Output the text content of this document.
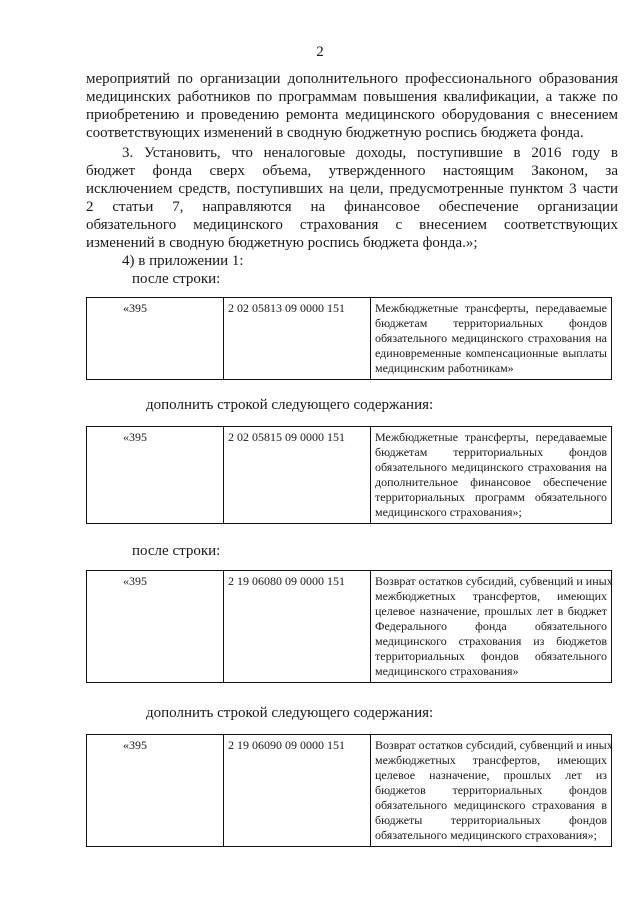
2
мероприятий по организации дополнительного профессионального образования
медицинских работников по программам повышения квалификации, а также по
приобретению и проведению ремонта медицинского оборудования с внесением
соответствующих изменений в сводную бюджетную роспись бюджета фонда.
3. Установить, что неналоговые доходы, поступившие в 2016 году в
бюджет фонда сверх объема, утвержденного настоящим Законом, за
исключением средств, поступивших на цели, предусмотренные пунктом 3 части
2 статьи 7, направляются на финансовое обеспечение организации
обязательного медицинского страхования с внесением соответствующих
изменений в сводную бюджетную роспись бюджета фонда.»;
4) в приложении 1:
после строки:
«395	2 02 05813 09 0000 151	Межбюджетные трансферты, передаваемые
бюджетам территориальных фондов
обязательного медицинского страхования на
единовременные компенсационные выплаты
медицинским работникам»
дополнить строкой следующего содержания:
«395	2 02 05815 09 0000 151	Межбюджетные трансферты, передаваемые
бюджетам территориальных фондов
обязательного медицинского страхования на
дополнительное финансовое обеспечение
территориальных программ обязательного
медицинского страхования»;
после строки:
«395	2 19 06080 09 0000 151	Возврат остатков субсидий, субвенций и иных
межбюджетных трансфертов, имеющих
целевое назначение, прошлых лет в бюджет
Федерального фонда обязательного
медицинского страхования из бюджетов
территориальных фондов обязательного
медицинского страхования»
дополнить строкой следующего содержания:
«395	2 19 06090 09 0000 151	Возврат остатков субсидий, субвенций и иных
межбюджетных трансфертов, имеющих
целевое назначение, прошлых лет из
бюджетов территориальных фондов
обязательного медицинского страхования в
бюджеты территориальных фондов
обязательного медицинского страхования»;
